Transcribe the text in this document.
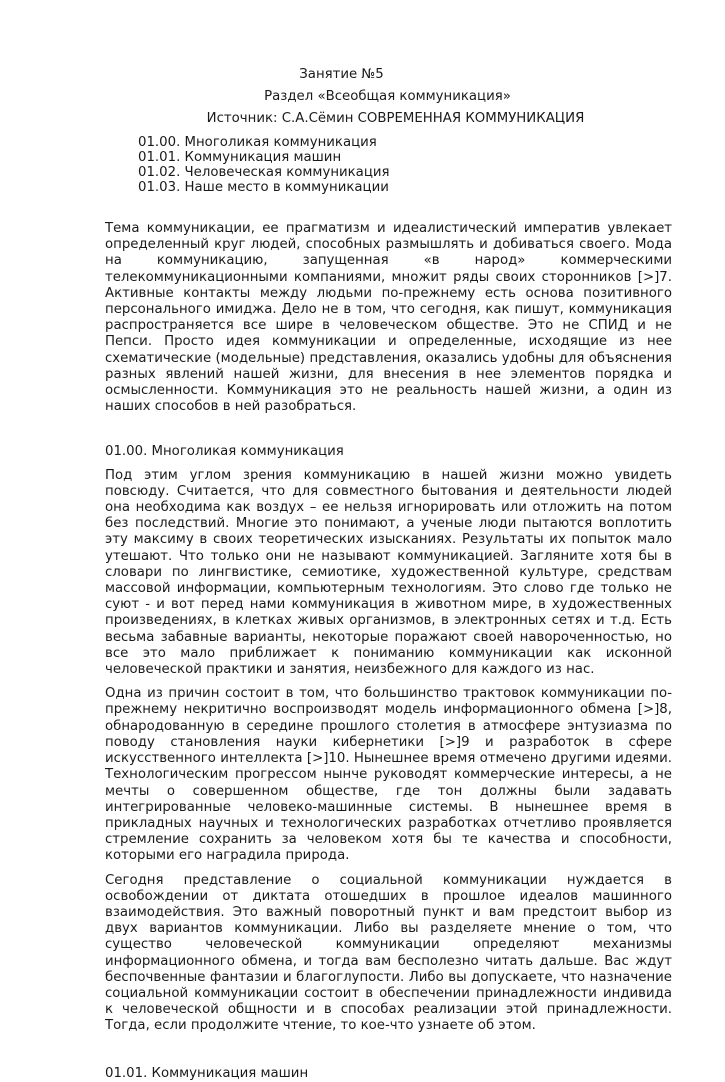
Занятие №5

Раздел «Всеобщая коммуникация»

Источник: С.А.Сёмин СОВРЕМЕННАЯ КОММУНИКАЦИЯ

01.00. Многоликая коммуникация
01.01. Коммуникация машин
01.02. Человеческая коммуникация
01.03. Наше место в коммуникации

Тема коммуникации, ее прагматизм и идеалистический императив увлекает определенный круг людей, способных размышлять и добиваться своего. Мода на коммуникацию, запущенная «в народ» коммерческими телекоммуникационными компаниями, множит ряды своих сторонников [>]7. Активные контакты между людьми по-прежнему есть основа позитивного персонального имиджа. Дело не в том, что сегодня, как пишут, коммуникация распространяется все шире в человеческом обществе. Это не СПИД и не Пепси. Просто идея коммуникации и определенные, исходящие из нее схематические (модельные) представления, оказались удобны для объяснения разных явлений нашей жизни, для внесения в нее элементов порядка и осмысленности. Коммуникация это не реальность нашей жизни, а один из наших способов в ней разобраться.

01.00. Многоликая коммуникация

Под этим углом зрения коммуникацию в нашей жизни можно увидеть повсюду. Считается, что для совместного бытования и деятельности людей она необходима как воздух – ее нельзя игнорировать или отложить на потом без последствий. Многие это понимают, а ученые люди пытаются воплотить эту максиму в своих теоретических изысканиях. Результаты их попыток мало утешают. Что только они не называют коммуникацией. Загляните хотя бы в словари по лингвистике, семиотике, художественной культуре, средствам массовой информации, компьютерным технологиям. Это слово где только не суют - и вот перед нами коммуникация в животном мире, в художественных произведениях, в клетках живых организмов, в электронных сетях и т.д. Есть весьма забавные варианты, некоторые поражают своей навороченностью, но все это мало приближает к пониманию коммуникации как исконной человеческой практики и занятия, неизбежного для каждого из нас.

Одна из причин состоит в том, что большинство трактовок коммуникации по-прежнему некритично воспроизводят модель информационного обмена [>]8, обнародованную в середине прошлого столетия в атмосфере энтузиазма по поводу становления науки кибернетики [>]9 и разработок в сфере искусственного интеллекта [>]10. Нынешнее время отмечено другими идеями. Технологическим прогрессом нынче руководят коммерческие интересы, а не мечты о совершенном обществе, где тон должны были задавать интегрированные человеко-машинные системы. В нынешнее время в прикладных научных и технологических разработках отчетливо проявляется стремление сохранить за человеком хотя бы те качества и способности, которыми его наградила природа.

Сегодня представление о социальной коммуникации нуждается в освобождении от диктата отошедших в прошлое идеалов машинного взаимодействия. Это важный поворотный пункт и вам предстоит выбор из двух вариантов коммуникации. Либо вы разделяете мнение о том, что существо человеческой коммуникации определяют механизмы информационного обмена, и тогда вам бесполезно читать дальше. Вас ждут беспочвенные фантазии и благоглупости. Либо вы допускаете, что назначение социальной коммуникации состоит в обеспечении принадлежности индивида к человеческой общности и в способах реализации этой принадлежности. Тогда, если продолжите чтение, то кое-что узнаете об этом.

01.01. Коммуникация машин
